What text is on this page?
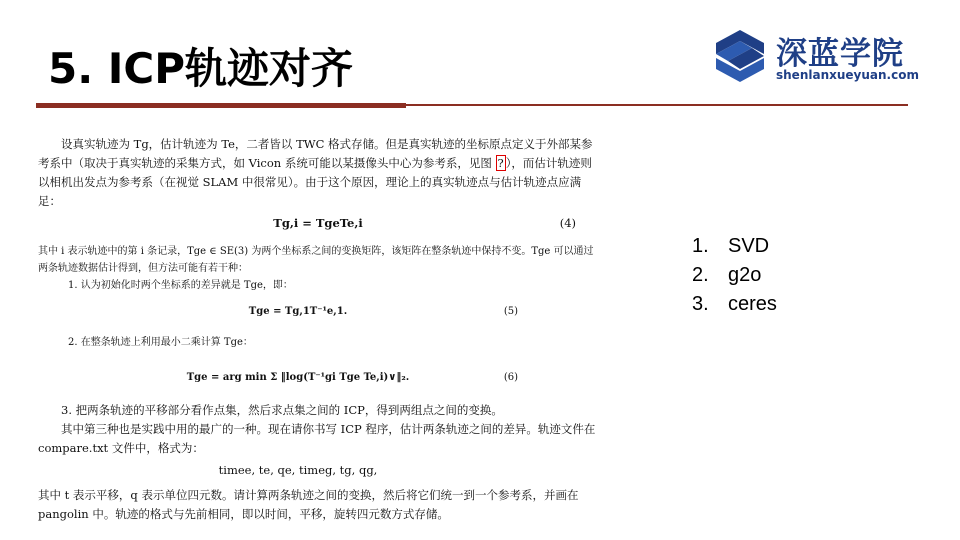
5. ICP轨迹对齐	深蓝学院
shenlanxueyuan.com

设真实轨迹为 Tg，估计轨迹为 Te，二者皆以 TWC 格式存储。但是真实轨迹的坐标原点定义于外部某参考系中（取决于真实轨迹的采集方式，如 Vicon 系统可能以某摄像头中心为参考系，见图 ? ），而估计轨迹则以相机出发点为参考系（在视觉 SLAM 中很常见）。由于这个原因，理论上的真实轨迹点与估计轨迹点应满足：

Tg,i = TgeTe,i	(4)

其中 i 表示轨迹中的第 i 条记录，Tge ∈ SE(3) 为两个坐标系之间的变换矩阵，该矩阵在整条轨迹中保持不变。Tge 可以通过两条轨迹数据估计得到，但方法可能有若干种：

1. 认为初始化时两个坐标系的差异就是 Tge，即：

Tge = Tg,1T⁻¹e,1.	(5)

2. 在整条轨迹上利用最小二乘计算 Tge：

Tge = arg min Σ ‖log(T⁻¹gi Tge Te,i)∨‖₂.	(6)

3. 把两条轨迹的平移部分看作点集，然后求点集之间的 ICP，得到两组点之间的变换。

其中第三种也是实践中用的最广的一种。现在请你书写 ICP 程序，估计两条轨迹之间的差异。轨迹文件在 compare.txt 文件中，格式为：

timee, te, qe, timeg, tg, qg,

其中 t 表示平移，q 表示单位四元数。请计算两条轨迹之间的变换，然后将它们统一到一个参考系，并画在 pangolin 中。轨迹的格式与先前相同，即以时间，平移，旋转四元数方式存储。

1. SVD
2. g2o
3. ceres
